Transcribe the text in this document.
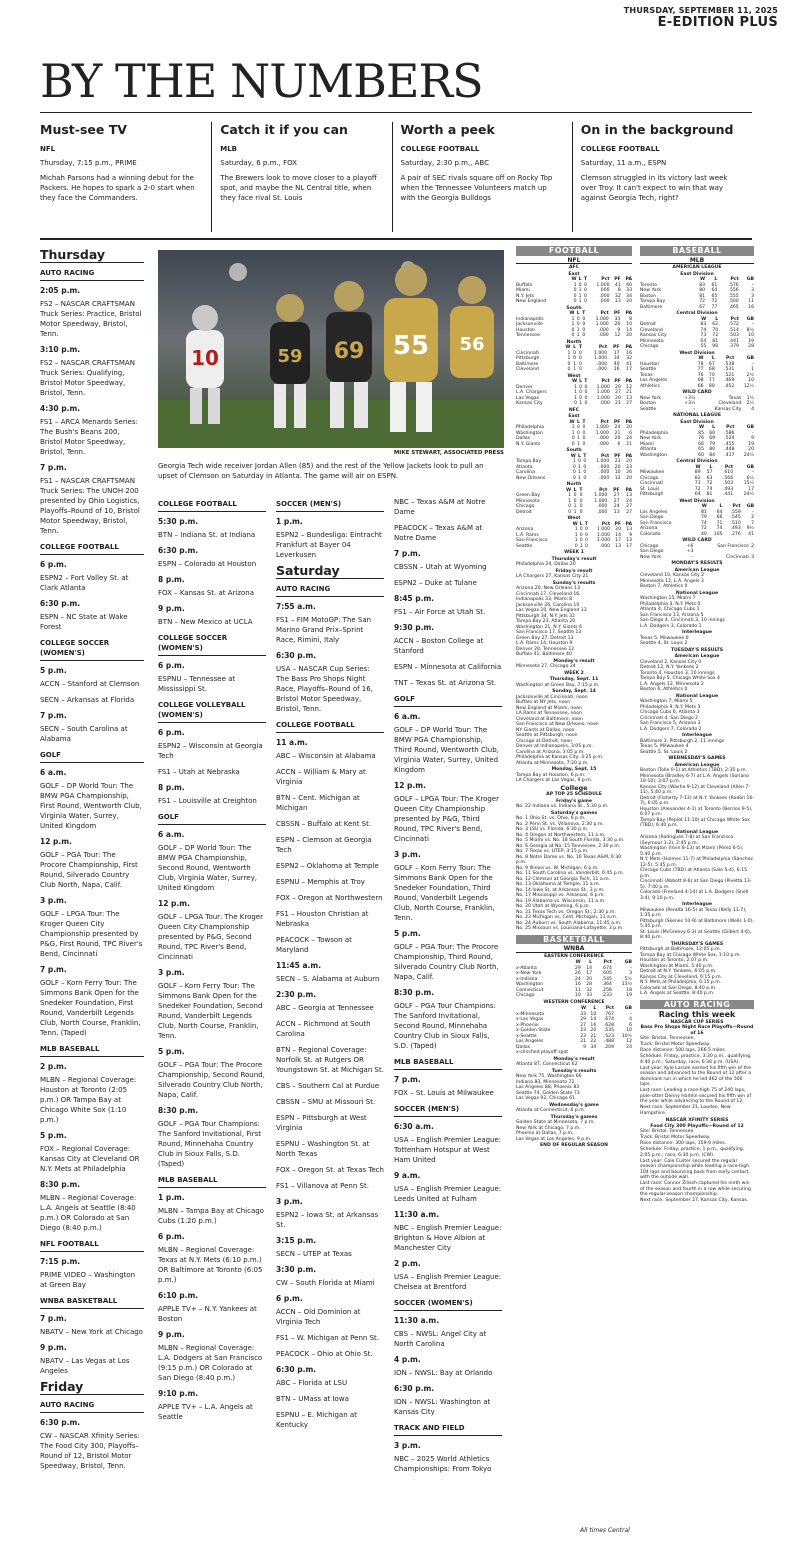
THURSDAY, SEPTEMBER 11, 2025
E-EDITION PLUS
BY THE NUMBERS
Must-see TV
NFL
Thursday, 7:15 p.m., PRIME
Michah Parsons had a winning debut for the Packers. He hopes to spark a 2-0 start when they face the Commanders.
Catch it if you can
MLB
Saturday, 6 p.m., FOX
The Brewers look to move closer to a playoff spot, and maybe the NL Central title, when they face rival St. Louis
Worth a peek
COLLEGE FOOTBALL
Saturday, 2:30 p.m., ABC
A pair of SEC rivals square off on Rocky Top when the Tennessee Volunteers match up with the Georgia Bulldogs
On in the background
COLLEGE FOOTBALL
Saturday, 11 a.m., ESPN
Clemson struggled in its victory last week over Troy. It can't expect to win that way against Georgia Tech, right?
Thursday
AUTO RACING
2:05 p.m.
FS2 – NASCAR CRAFTSMAN Truck Series: Practice, Bristol Motor Speedway, Bristol, Tenn.
3:10 p.m.
FS2 – NASCAR CRAFTSMAN Truck Series: Qualifying, Bristol Motor Speedway, Bristol, Tenn.
4:30 p.m.
FS1 – ARCA Menards Series: The Bush's Beans 200, Bristol Motor Speedway, Bristol, Tenn.
7 p.m.
FS1 – NASCAR CRAFTSMAN Truck Series: The UNOH 200 presented by Ohio Logistics, Playoffs–Round of 10, Bristol Motor Speedway, Bristol, Tenn.
COLLEGE FOOTBALL
6 p.m.
ESPN2 – Fort Valley St. at Clark Atlanta
6:30 p.m.
ESPN – NC State at Wake Forest
COLLEGE SOCCER (WOMEN'S)
5 p.m.
ACCN – Stanford at Clemson
SECN – Arkansas at Florida
7 p.m.
SECN – South Carolina at Alabama
GOLF
6 a.m.
GOLF – DP World Tour: The BMW PGA Championship, First Round, Wentworth Club, Virginia Water, Surrey, United Kingdom
12 p.m.
GOLF – PGA Tour: The Procore Championship, First Round, Silverado Country Club North, Napa, Calif.
3 p.m.
GOLF – LPGA Tour: The Kroger Queen City Championship presented by P&G, First Round, TPC River's Bend, Cincinnati
7 p.m.
GOLF – Korn Ferry Tour: The Simmons Bank Open for the Snedeker Foundation, First Round, Vanderbilt Legends Club, North Course, Franklin, Tenn. (Taped)
MLB BASEBALL
2 p.m.
MLBN – Regional Coverage: Houston at Toronto (2:05 p.m.) OR Tampa Bay at Chicago White Sox (1:10 p.m.)
5 p.m.
FOX – Regional Coverage: Kansas City at Cleveland OR N.Y. Mets at Philadelphia
8:30 p.m.
MLBN – Regional Coverage: L.A. Angels at Seattle (8:40 p.m.) OR Colorado at San Diego (8:40 p.m.)
NFL FOOTBALL
7:15 p.m.
PRIME VIDEO – Washington at Green Bay
WNBA BASKETBALL
7 p.m.
NBATV – New York at Chicago
9 p.m.
NBATV – Las Vegas at Los Angeles
Friday
AUTO RACING
6:30 p.m.
CW – NASCAR Xfinity Series: The Food City 300, Playoffs–Round of 12, Bristol Motor Speedway, Bristol, Tenn.
10	59 69 55 56
MIKE STEWART, ASSOCIATED PRESS
Georgia Tech wide receiver Jordan Allen (85) and the rest of the Yellow Jackets look to pull an upset of Clemson on Saturday in Atlanta. The game will air on ESPN.
COLLEGE FOOTBALL
5:30 p.m.
BTN – Indiana St. at Indiana
6:30 p.m.
ESPN – Colorado at Houston
8 p.m.
FOX – Kansas St. at Arizona
9 p.m.
BTN – New Mexico at UCLA
COLLEGE SOCCER (WOMEN'S)
6 p.m.
ESPNU – Tennessee at Mississippi St.
COLLEGE VOLLEYBALL (WOMEN'S)
6 p.m.
ESPN2 – Wisconsin at Georgia Tech
FS1 – Utah at Nebraska
8 p.m.
FS1 – Louisville at Creighton
GOLF
6 a.m.
GOLF – DP World Tour: The BMW PGA Championship, Second Round, Wentworth Club, Virginia Water, Surrey, United Kingdom
12 p.m.
GOLF – LPGA Tour: The Kroger Queen City Championship presented by P&G, Second Round, TPC River's Bend, Cincinnati
3 p.m.
GOLF – Korn Ferry Tour: The Simmons Bank Open for the Snedeker Foundation, Second Round, Vanderbilt Legends Club, North Course, Franklin, Tenn.
5 p.m.
GOLF – PGA Tour: The Procore Championship, Second Round, Silverado Country Club North, Napa, Calif.
8:30 p.m.
GOLF – PGA Tour Champions: The Sanford Invitational, First Round, Minnehaha Country Club in Sioux Falls, S.D. (Taped)
MLB BASEBALL
1 p.m.
MLBN – Tampa Bay at Chicago Cubs (1:20 p.m.)
6 p.m.
MLBN – Regional Coverage: Texas at N.Y. Mets (6:10 p.m.) OR Baltimore at Toronto (6:05 p.m.)
6:10 p.m.
APPLE TV+ – N.Y. Yankees at Boston
9 p.m.
MLBN – Regional Coverage: L.A. Dodgers at San Francisco (9:15 p.m.) OR Colorado at San Diego (8:40 p.m.)
9:10 p.m.
APPLE TV+ – L.A. Angels at Seattle
SOCCER (MEN'S)
1 p.m.
ESPN2 – Bundesliga: Eintracht Frankfurt at Bayer 04 Leverkusen
Saturday
AUTO RACING
7:55 a.m.
FS1 – FIM MotoGP: The San Marino Grand Prix–Sprint Race, Rimini, Italy
6:30 p.m.
USA – NASCAR Cup Series: The Bass Pro Shops Night Race, Playoffs–Round of 16, Bristol Motor Speedway, Bristol, Tenn.
COLLEGE FOOTBALL
11 a.m.
ABC – Wisconsin at Alabama
ACCN – William & Mary at Virginia
BTN – Cent. Michigan at Michigan
CBSSN – Buffalo at Kent St.
ESPN – Clemson at Georgia Tech
ESPN2 – Oklahoma at Temple
ESPNU – Memphis at Troy
FOX – Oregon at Northwestern
FS1 – Houston Christian at Nebraska
PEACOCK – Towson at Maryland
11:45 a.m.
SECN – S. Alabama at Auburn
2:30 p.m.
ABC – Georgia at Tennessee
ACCN – Richmond at South Carolina
BTN – Regional Coverage: Norfolk St. at Rutgers OR Youngstown St. at Michigan St.
CBS – Southern Cal at Purdue
CBSSN – SMU at Missouri St.
ESPN – Pittsburgh at West Virginia
ESPNU – Washington St. at North Texas
FOX – Oregon St. at Texas Tech
FS1 – Villanova at Penn St.
3 p.m.
ESPN2 – Iowa St. at Arkansas St.
3:15 p.m.
SECN – UTEP at Texas
3:30 p.m.
CW – South Florida at Miami
6 p.m.
ACCN – Old Dominion at Virginia Tech
FS1 – W. Michigan at Penn St.
PEACOCK – Ohio at Ohio St.
6:30 p.m.
ABC – Florida at LSU
BTN – UMass at Iowa
ESPNU – E. Michigan at Kentucky
NBC – Texas A&M at Notre Dame
PEACOCK – Texas A&M at Notre Dame
7 p.m.
CBSSN – Utah at Wyoming
ESPN2 – Duke at Tulane
8:45 p.m.
FS1 – Air Force at Utah St.
9:30 p.m.
ACCN – Boston College at Stanford
ESPN – Minnesota at California
TNT – Texas St. at Arizona St.
GOLF
6 a.m.
GOLF – DP World Tour: The BMW PGA Championship, Third Round, Wentworth Club, Virginia Water, Surrey, United Kingdom
12 p.m.
GOLF – LPGA Tour: The Kroger Queen City Championship presented by P&G, Third Round, TPC River's Bend, Cincinnati
3 p.m.
GOLF – Korn Ferry Tour: The Simmons Bank Open for the Snedeker Foundation, Third Round, Vanderbilt Legends Club, North Course, Franklin, Tenn.
5 p.m.
GOLF – PGA Tour: The Procore Championship, Third Round, Silverado Country Club North, Napa, Calif.
8:30 p.m.
GOLF – PGA Tour Champions: The Sanford Invitational, Second Round, Minnehaha Country Club in Sioux Falls, S.D. (Taped)
MLB BASEBALL
7 p.m.
FOX – St. Louis at Milwaukee
SOCCER (MEN'S)
6:30 a.m.
USA – English Premier League: Tottenham Hotspur at West Ham United
9 a.m.
USA – English Premier League: Leeds United at Fulham
11:30 a.m.
NBC – English Premier League: Brighton & Hove Albion at Manchester City
2 p.m.
USA – English Premier League: Chelsea at Brentford
SOCCER (WOMEN'S)
11:30 a.m.
CBS – NWSL: Angel City at North Carolina
4 p.m.
ION – NWSL: Bay at Orlando
6:30 p.m.
ION – NWSL: Washington at Kansas City
TRACK AND FIELD
3 p.m.
NBC – 2025 World Athletics Championships: From Tokyo
FOOTBALL
NFL
AFC
East
	W	L	T	Pct	PF	PA
Buffalo	1	0	0	1.000	41	40
Miami	0	1	0	.000	8	33
N.Y. Jets	0	1	0	.000	32	34
New England	0	1	0	.000	13	20
South
	W	L	T	Pct	PF	PA
Indianapolis	1	0	0	1.000	33	8
Jacksonville	1	0	0	1.000	26	10
Houston	0	1	0	.000	9	14
Tennessee	0	1	0	.000	12	20
North
	W	L	T	Pct	PF	PA
Cincinnati	1	0	0	1.000	17	16
Pittsburgh	1	0	0	1.000	34	32
Baltimore	0	1	0	.000	40	41
Cleveland	0	1	0	.000	16	17
West
	W	L	T	Pct	PF	PA
Denver	1	0	0	1.000	20	12
L.A. Chargers	1	0	0	1.000	27	21
Las Vegas	1	0	0	1.000	20	13
Kansas City	0	1	0	.000	21	27
NFC
East
	W	L	T	Pct	PF	PA
Philadelphia	1	0	0	1.000	24	20
Washington	1	0	0	1.000	21	6
Dallas	0	1	0	.000	20	24
N.Y. Giants	0	1	0	.000	6	21
South
	W	L	T	Pct	PF	PA
Tampa Bay	1	0	0	1.000	23	20
Atlanta	0	1	0	.000	20	23
Carolina	0	1	0	.000	10	26
New Orleans	0	1	0	.000	13	20
North
	W	L	T	Pct	PF	PA
Green Bay	1	0	0	1.000	27	13
Minnesota	1	0	0	1.000	27	24
Chicago	0	1	0	.000	24	27
Detroit	0	1	0	.000	13	27
West
	W	L	T	Pct	PF	PA
Arizona	1	0	0	1.000	20	13
L.A. Rams	1	0	0	1.000	14	9
San Francisco	1	0	0	1.000	17	13
Seattle	0	1	0	.000	13	17
WEEK 1
Thursday's result
Philadelphia 24, Dallas 20
Friday's result
LA Chargers 27, Kansas City 21
Sunday's results
Arizona 20, New Orleans 13
Cincinnati 17, Cleveland 16
Indianapolis 33, Miami 8
Jacksonville 26, Carolina 10
Las Vegas 20, New England 13
Pittsburgh 34, N.Y. Jets 32
Tampa Bay 23, Atlanta 20
Washington 21, N.Y. Giants 6
San Francisco 17, Seattle 13
Green Bay 27, Detroit 13
L.A. Rams 14, Houston 9
Denver 20, Tennessee 12
Buffalo 41, Baltimore 40
Monday's result
Minnesota 27, Chicago 24
WEEK 2
Thursday, Sept. 11
Washington at Green Bay, 7:15 p.m.
Sunday, Sept. 14
Jacksonville at Cincinnati, noon
Buffalo at NY Jets, noon
New England at Miami, noon
LA Rams at Tennessee, noon
Cleveland at Baltimore, noon
San Francisco at New Orleans, noon
NY Giants at Dallas, noon
Seattle at Pittsburgh, noon
Chicago at Detroit, noon
Denver at Indianapolis, 3:05 p.m.
Carolina at Arizona, 3:05 p.m.
Philadelphia at Kansas City, 3:25 p.m.
Atlanta at Minnesota, 7:20 p.m.
Monday, Sept. 15
Tampa Bay at Houston, 6 p.m.
LA Chargers at Las Vegas, 9 p.m.
College
AP TOP 25 SCHEDULE
Friday's game
No. 22 Indiana vs. Indiana St., 5:30 p.m.
Saturday's games
No. 1 Ohio St. vs. Ohio, 6 p.m.
No. 2 Penn St. vs. Villanova, 2:30 p.m.
No. 3 LSU vs. Florida, 6:30 p.m.
No. 4 Oregon at Northwestern, 11 a.m.
No. 5 Miami vs. No. 18 South Florida, 3:30 p.m.
No. 6 Georgia at No. 15 Tennessee, 2:30 p.m.
No. 7 Texas vs. UTEP, 3:15 p.m.
No. 8 Notre Dame vs. No. 16 Texas A&M, 6:30 p.m.
No. 9 Illinois vs. W. Michigan, 6 p.m.
No. 11 South Carolina vs. Vanderbilt, 6:45 p.m.
No. 12 Clemson at Georgia Tech, 11 a.m.
No. 13 Oklahoma at Temple, 11 a.m.
No. 14 Iowa St. at Arkansas St., 3 p.m.
No. 17 Mississippi vs. Arkansas, 6 p.m.
No. 19 Alabama vs. Wisconsin, 11 a.m.
No. 20 Utah at Wyoming, 6 p.m.
No. 21 Texas Tech vs. Oregon St., 2:30 p.m.
No. 23 Michigan vs. Cent. Michigan, 11 a.m.
No. 24 Auburn vs. South Alabama, 11:45 a.m.
No. 25 Missouri vs. Louisiana-Lafayette, 3 p.m.
BASKETBALL
WNBA
EASTERN CONFERENCE
	W	L	Pct	GB
x-Atlanta	29	14	.674	–
x-New York	26	17	.605	3
x-Indiana	24	20	.545	5½
Washington	16	28	.364	13½
Connecticut	11	32	.256	18
Chicago	10	33	.233	19
WESTERN CONFERENCE
	W	L	Pct	GB
x-Minnesota	33	10	.767	–
x-Las Vegas	29	14	.674	4
x-Phoenix	27	16	.628	6
x-Golden State	23	20	.535	10
x-Seattle	23	21	.523	10½
Los Angeles	21	22	.488	12
Dallas	9	34	.209	24
x-clinched playoff spot
Monday's result
Atlanta 87, Connecticut 62
Tuesday's results
New York 75, Washington 66
Indiana 83, Minnesota 72
Los Angeles 88, Phoenix 83
Seattle 74, Golden State 73
Las Vegas 92, Chicago 61
Wednesday's game
Atlanta at Connecticut, 6 p.m.
Thursday's games
Golden State at Minnesota, 7 p.m.
New York at Chicago, 7 p.m.
Phoenix at Dallas, 7 p.m.
Las Vegas at Los Angeles, 9 p.m.
END OF REGULAR SEASON
BASEBALL
MLB
AMERICAN LEAGUE
East Division
	W	L	Pct	GB
Toronto	83	61	.576	–
New York	80	64	.556	3
Boston	81	65	.555	3
Tampa Bay	72	72	.500	11
Baltimore	67	77	.465	16
Central Division
	W	L	Pct	GB
Detroit	83	62	.572	–
Cleveland	74	70	.514	8½
Kansas City	73	72	.503	10
Minnesota	64	81	.441	19
Chicago	55	90	.379	28
West Division
	W	L	Pct	GB
Houston	78	67	.538	–
Seattle	77	68	.531	1
Texas	76	70	.521	2½
Los Angeles	68	77	.469	10
Athletics	66	80	.452	12½
WILD CARD
New York	+3½	Texas	1½
Boston	+3½	Cleveland	2½
Seattle	–	Kansas City	4
NATIONAL LEAGUE
East Division
	W	L	Pct	GB
Philadelphia	85	60	.586	–
New York	76	69	.524	9
Miami	66	79	.455	19
Atlanta	65	80	.448	20
Washington	60	84	.417	24½
Central Division
	W	L	Pct	GB
Milwaukee	89	57	.610	–
Chicago	82	63	.566	6½
Cincinnati	73	72	.503	15½
St. Louis	72	74	.493	17
Pittsburgh	64	81	.441	24½
West Division
	W	L	Pct	GB
Los Angeles	81	64	.559	–
San Diego	79	66	.545	2
San Francisco	74	71	.510	7
Arizona	72	74	.493	9½
Colorado	40	105	.276	41
WILD CARD
Chicago	+6	San Francisco	2
San Diego	+3		
New York	–	Cincinnati	3
MONDAY'S RESULTS
American League
Cleveland 10, Kansas City 2
Minnesota 12, L.A. Angels 3
Boston 7, Athletics 0
National League
Washington 15, Miami 7
Philadelphia 3, N.Y. Mets 0
Atlanta 4, Chicago Cubs 1
San Francisco 13, Arizona 5
San Diego 4, Cincinnati 3, 10 innings
L.A. Dodgers 3, Colorado 1
Interleague
Texas 5, Milwaukee 0
Seattle 4, St. Louis 2
TUESDAY'S RESULTS
American League
Cleveland 2, Kansas City 0
Detroit 12, N.Y. Yankees 2
Toronto 4, Houston 3, 10 innings
Tampa Bay 5, Chicago White Sox 4
L.A. Angels 12, Minnesota 2
Boston 6, Athletics 0
National League
Washington 7, Miami 5
Philadelphia 9, N.Y. Mets 3
Chicago Cubs 6, Atlanta 3
Cincinnati 4, San Diego 2
San Francisco 5, Arizona 3
L.A. Dodgers 7, Colorado 2
Interleague
Baltimore 3, Pittsburgh 2, 11 innings
Texas 5, Milwaukee 4
Seattle 5, St. Louis 2
WEDNESDAY'S GAMES
American League
Boston (Tolle 0-1) at Athletics (TBD), 2:35 p.m.
Minnesota (Bradley 6-7) at L.A. Angels (Soriano 10-10), 3:07 p.m.
Kansas City (Wacha 9-12) at Cleveland (Allen 7-11), 5:40 p.m.
Detroit (Flaherty 7-13) at N.Y. Yankees (Rodón 16-7), 6:05 p.m.
Houston (Alexander 4-1) at Toronto (Berríos 9-5), 6:07 p.m.
Tampa Bay (Pepiot 11-10) at Chicago White Sox (TBD), 6:40 p.m.
National League
Arizona (Rodriguez 7-8) at San Francisco (Seymour 1-2), 2:45 p.m.
Washington (Irvin 8-13) at Miami (Pérez 6-5), 5:40 p.m.
N.Y. Mets (Holmes 11-7) at Philadelphia (Sánchez 12-5), 5:45 p.m.
Chicago Cubs (TBD) at Atlanta (Sale 5-4), 6:15 p.m.
Cincinnati (Abbott 8-6) at San Diego (Pivetta 13-5), 7:40 p.m.
Colorado (Freeland 4-14) at L.A. Dodgers (Snell 3-4), 9:10 p.m.
Interleague
Milwaukee (Peralta 16-5) at Texas (Kelly 11-7), 1:35 p.m.
Pittsburgh (Skenes 10-9) at Baltimore (Wells 1-0), 5:35 p.m.
St. Louis (McGreevy 6-3) at Seattle (Gilbert 4-6), 8:40 p.m.
THURSDAY'S GAMES
Pittsburgh at Baltimore, 12:05 p.m.
Tampa Bay at Chicago White Sox, 1:10 p.m.
Houston at Toronto, 2:07 p.m.
Washington at Miami, 5:40 p.m.
Detroit at N.Y. Yankees, 6:05 p.m.
Kansas City at Cleveland, 6:15 p.m.
N.Y. Mets at Philadelphia, 6:15 p.m.
Colorado at San Diego, 8:40 p.m.
L.A. Angels at Seattle, 8:40 p.m.
AUTO RACING
Racing this week
NASCAR CUP SERIES
Bass Pro Shops Night Race Playoffs—Round of 16
Site: Bristol, Tennessee.
Track: Bristol Motor Speedway.
Race distance: 500 laps, 266.5 miles.
Schedule: Friday, practice, 3:30 p.m., qualifying, 4:40 p.m.; Saturday, race, 6:30 p.m. (USA).
Last year: Kyle Larson earned his fifth win of the season and advanced to the Round of 12 after a dominant run in which he led 462 of the 500 laps.
Last race: Leading a race-high 75 of 240 laps, pole-sitter Denny Hamlin secured his fifth win of the year while advancing to the Round of 12.
Next race: September 21, Loudon, New Hampshire.
NASCAR XFINITY SERIES
Food City 300 Playoffs—Round of 12
Site: Bristol, Tennessee.
Track: Bristol Motor Speedway.
Race distance: 300 laps, 159.9 miles.
Schedule: Friday, practice, 1 p.m., qualifying, 2:05 p.m.; race, 6:30 p.m. (CW).
Last year: Cole Custer secured the regular season championship while leading a race-high 104 laps and bouncing back from early contact with the outside wall.
Last race: Connor Zilisch captured his ninth win of the season and fourth in a row while securing the regular season championship.
Next race: September 27, Kansas City, Kansas.
All times Central
